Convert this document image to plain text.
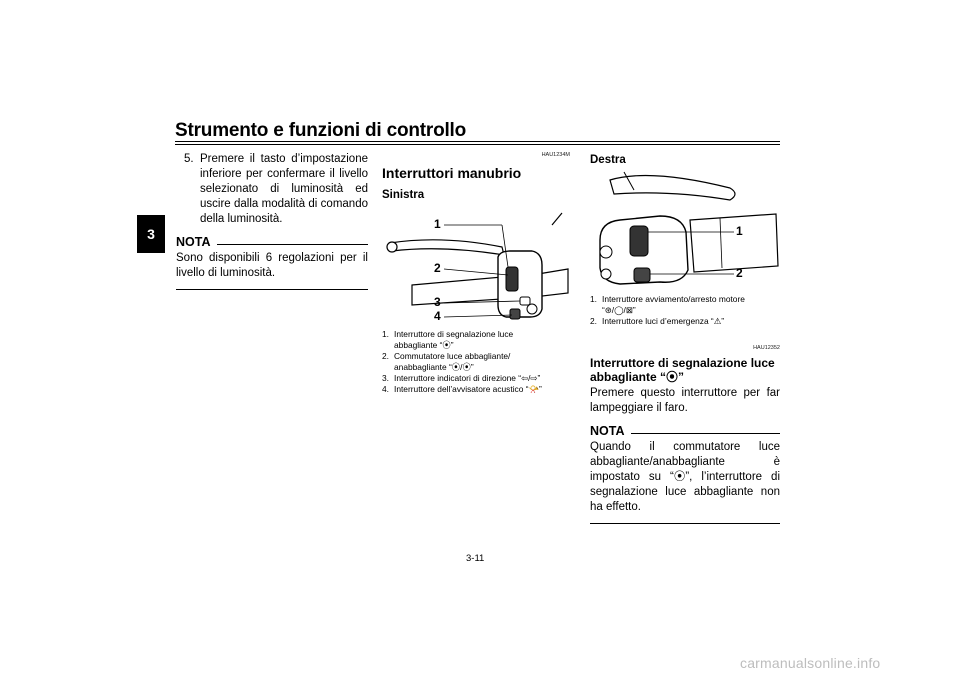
Strumento e funzioni di controllo
3
5. Premere il tasto d’impostazione inferiore per confermare il livello selezionato di luminosità ed uscire dalla modalità di comando della luminosità.
NOTA
Sono disponibili 6 regolazioni per il livello di luminosità.
HAU1234M
Interruttori manubrio
Sinistra
1
2
3
4
1. Interruttore di segnalazione luce
abbagliante “⦿”
2. Commutatore luce abbagliante/
anabbagliante “⦿/⦿”
3. Interruttore indicatori di direzione “⇦/⇨”
4. Interruttore dell’avvisatore acustico “📯”
Destra
1
2
1. Interruttore avviamento/arresto motore
“⊛/◯/⊠”
2. Interruttore luci d’emergenza “⚠”
HAU12352
Interruttore di segnalazione luce abbagliante “⦿”
Premere questo interruttore per far lampeggiare il faro.
NOTA
Quando il commutatore luce abbagliante/anabbagliante è impostato su “⦿”, l’interruttore di segnalazione luce abbagliante non ha effetto.
3-11
carmanualsonline.info
